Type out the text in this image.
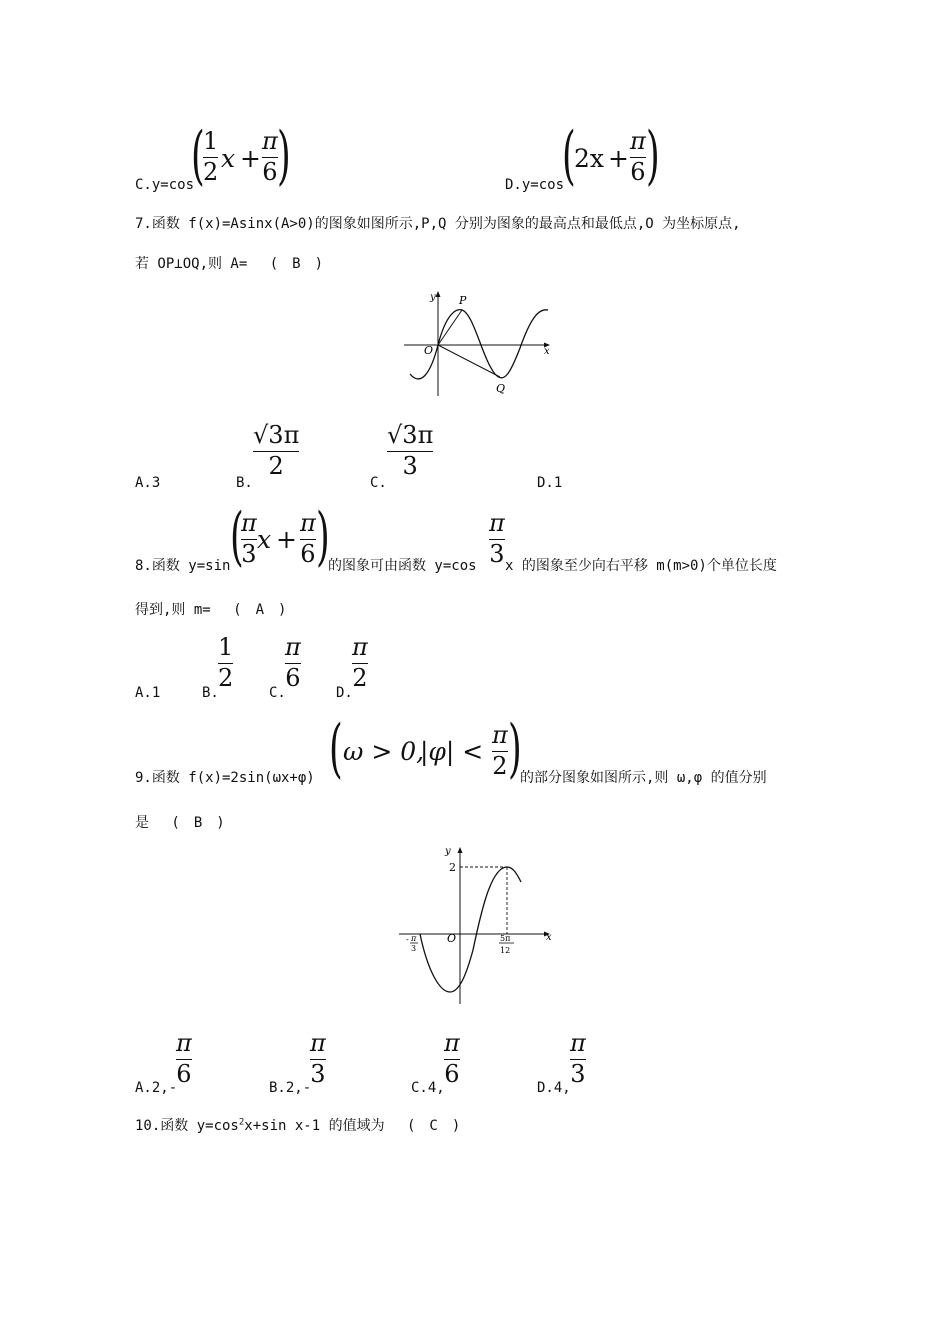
C.y=cos
(
1
2 x +
π
6 )	D.y=cos
(
2x +
π
6 )
7.函数 f(x)=Asinx(A>0)的图象如图所示,P,Q 分别为图象的最高点和最低点,O 为坐标原点,
若 OP⊥OQ,则 A=　 (　B　)
y
x
O
P
Q
A.3	B.
√3π
2
C.
√3π
3
D.1
8.函数 y=sin (
π
3 x +
π
6 )
的图象可由函数 y=cos
π
3 x 的图象至少向右平移 m(m>0)个单位长度
得到,则 m=　 (　A　)
A.1	B.
1
2
C.
π
6
D.
π
2
9.函数 f(x)=2sin(ωx+φ) ( ω > 0,
|φ| <
π
2 )
的部分图象如图所示,则 ω,φ 的值分别
是　 (　B　)
y
x
O
2
- π
3
5π
12
A.2,-
π
6	B.2,-
π
3	C.4,
π
6	D.4,
π
3
10.函数 $y=\cos^2x+\sin$ x-1 的值域为　 (　C　)
